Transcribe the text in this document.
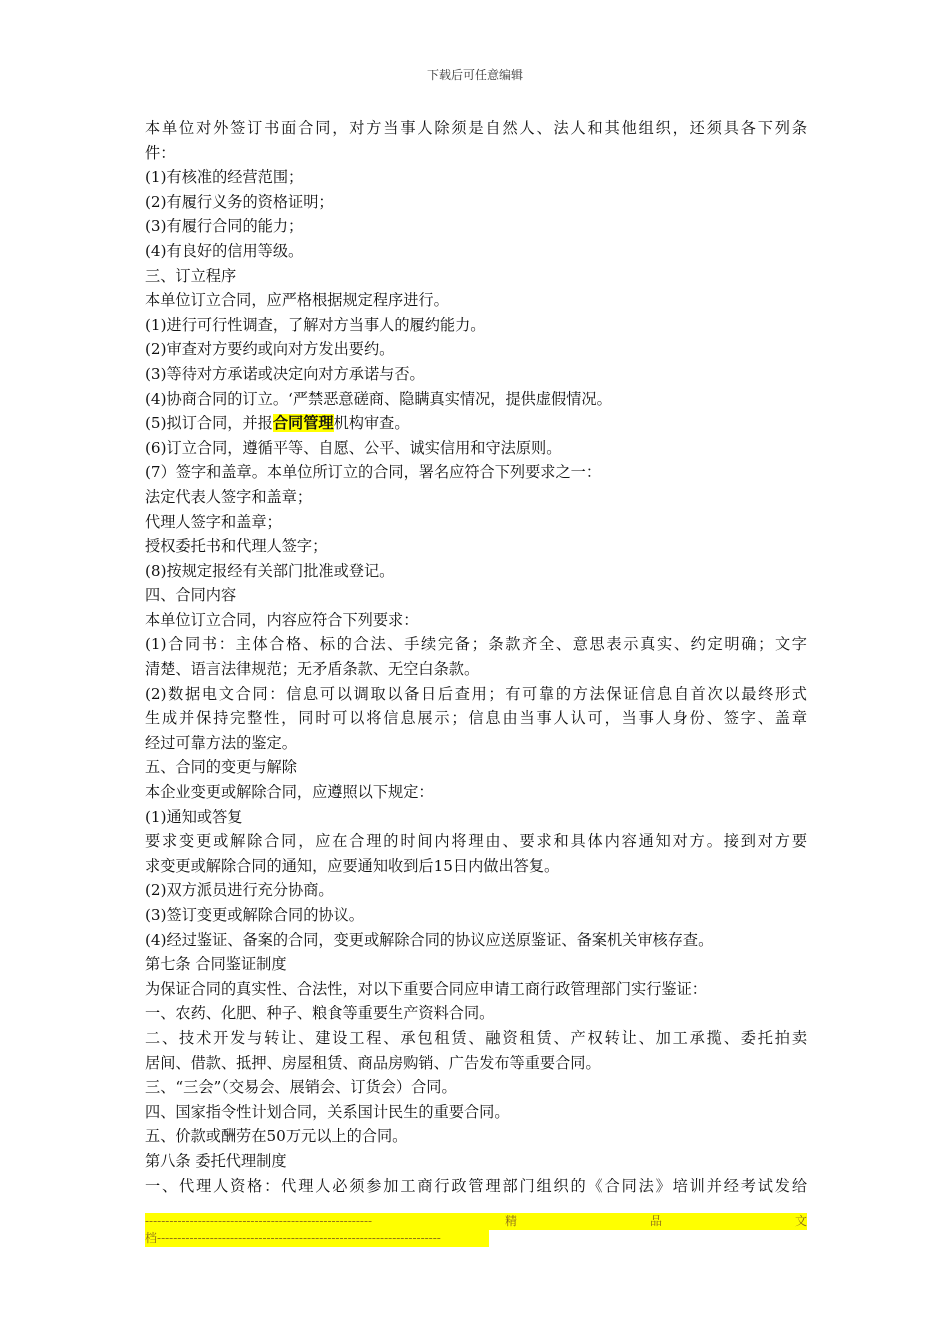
下载后可任意编辑
本单位对外签订书面合同，对方当事人除须是自然人、法人和其他组织，还须具各下列条
件：
(1)有核准的经营范围；
(2)有履行义务的资格证明；
(3)有履行合同的能力；
(4)有良好的信用等级。
三、订立程序
本单位订立合同，应严格根据规定程序进行。
(1)进行可行性调查，了解对方当事人的履约能力。
(2)审查对方要约或向对方发出要约。
(3)等待对方承诺或决定向对方承诺与否。
(4)协商合同的订立。‘严禁恶意磋商、隐瞒真实情况，提供虚假情况。
(5)拟订合同，并报合同管理机构审查。
(6)订立合同，遵循平等、自愿、公平、诚实信用和守法原则。
(7）签字和盖章。本单位所订立的合同，署名应符合下列要求之一：
法定代表人签字和盖章；
代理人签字和盖章；
授权委托书和代理人签字；
(8)按规定报经有关部门批准或登记。
四、合同内容
本单位订立合同，内容应符合下列要求：
(1)合同书：主体合格、标的合法、手续完备；条款齐全、意思表示真实、约定明确；文字
清楚、语言法律规范；无矛盾条款、无空白条款。
(2)数据电文合同：信息可以调取以备日后查用；有可靠的方法保证信息自首次以最终形式
生成并保持完整性，同时可以将信息展示；信息由当事人认可，当事人身份、签字、盖章
经过可靠方法的鉴定。
五、合同的变更与解除
本企业变更或解除合同，应遵照以下规定：
(1)通知或答复
要求变更或解除合同，应在合理的时间内将理由、要求和具体内容通知对方。接到对方要
求变更或解除合同的通知，应要通知收到后15日内做出答复。
(2)双方派员进行充分协商。
(3)签订变更或解除合同的协议。
(4)经过鉴证、备案的合同，变更或解除合同的协议应送原鉴证、备案机关审核存查。
第七条 合同鉴证制度
为保证合同的真实性、合法性，对以下重要合同应申请工商行政管理部门实行鉴证：
一、农药、化肥、种子、粮食等重要生产资料合同。
二、技术开发与转让、建设工程、承包租赁、融资租赁、产权转让、加工承揽、委托拍卖
居间、借款、抵押、房屋租赁、商品房购销、广告发布等重要合同。
三、“三会”（交易会、展销会、订货会）合同。
四、国家指令性计划合同，关系国计民生的重要合同。
五、价款或酬劳在50万元以上的合同。
第八条 委托代理制度
一、代理人资格：代理人必须参加工商行政管理部门组织的《合同法》培训并经考试发给
--------------------------------------------------------	精	品	文
档----------------------------------------------------------------------
